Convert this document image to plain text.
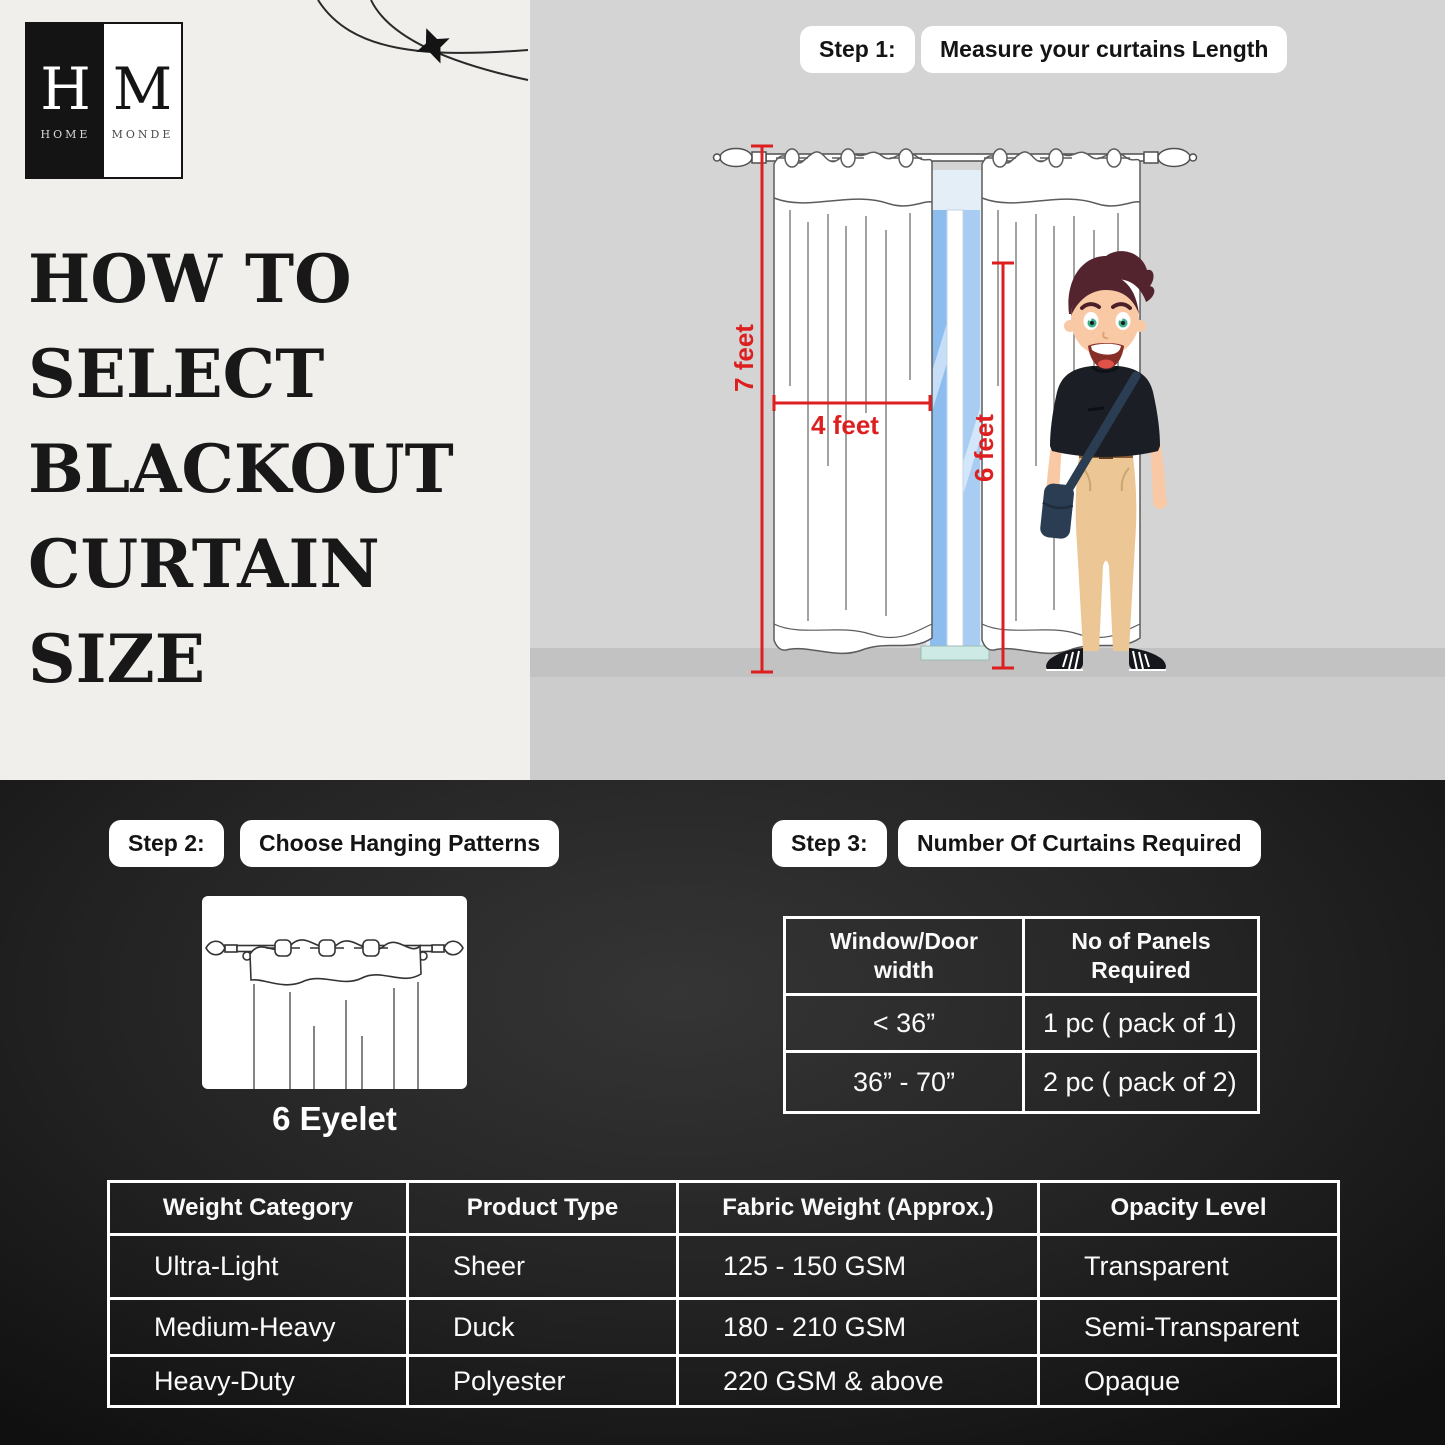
H
HOME
M
MONDE
HOW TO
SELECT
BLACKOUT
CURTAIN
SIZE
Step 1:	Measure your curtains Length
7 feet
4 feet	6 feet
Step 2:	Choose Hanging Patterns	Step 3:	Number Of Curtains Required
6 Eyelet
Window/Door width	No of Panels Required
< 36”	1 pc ( pack of 1)
36” - 70”	2 pc ( pack of 2)
Weight Category	Product Type	Fabric Weight (Approx.)	Opacity Level
Ultra-Light	Sheer	125 - 150 GSM	Transparent
Medium-Heavy	Duck	180 - 210 GSM	Semi-Transparent
Heavy-Duty	Polyester	220 GSM & above	Opaque
